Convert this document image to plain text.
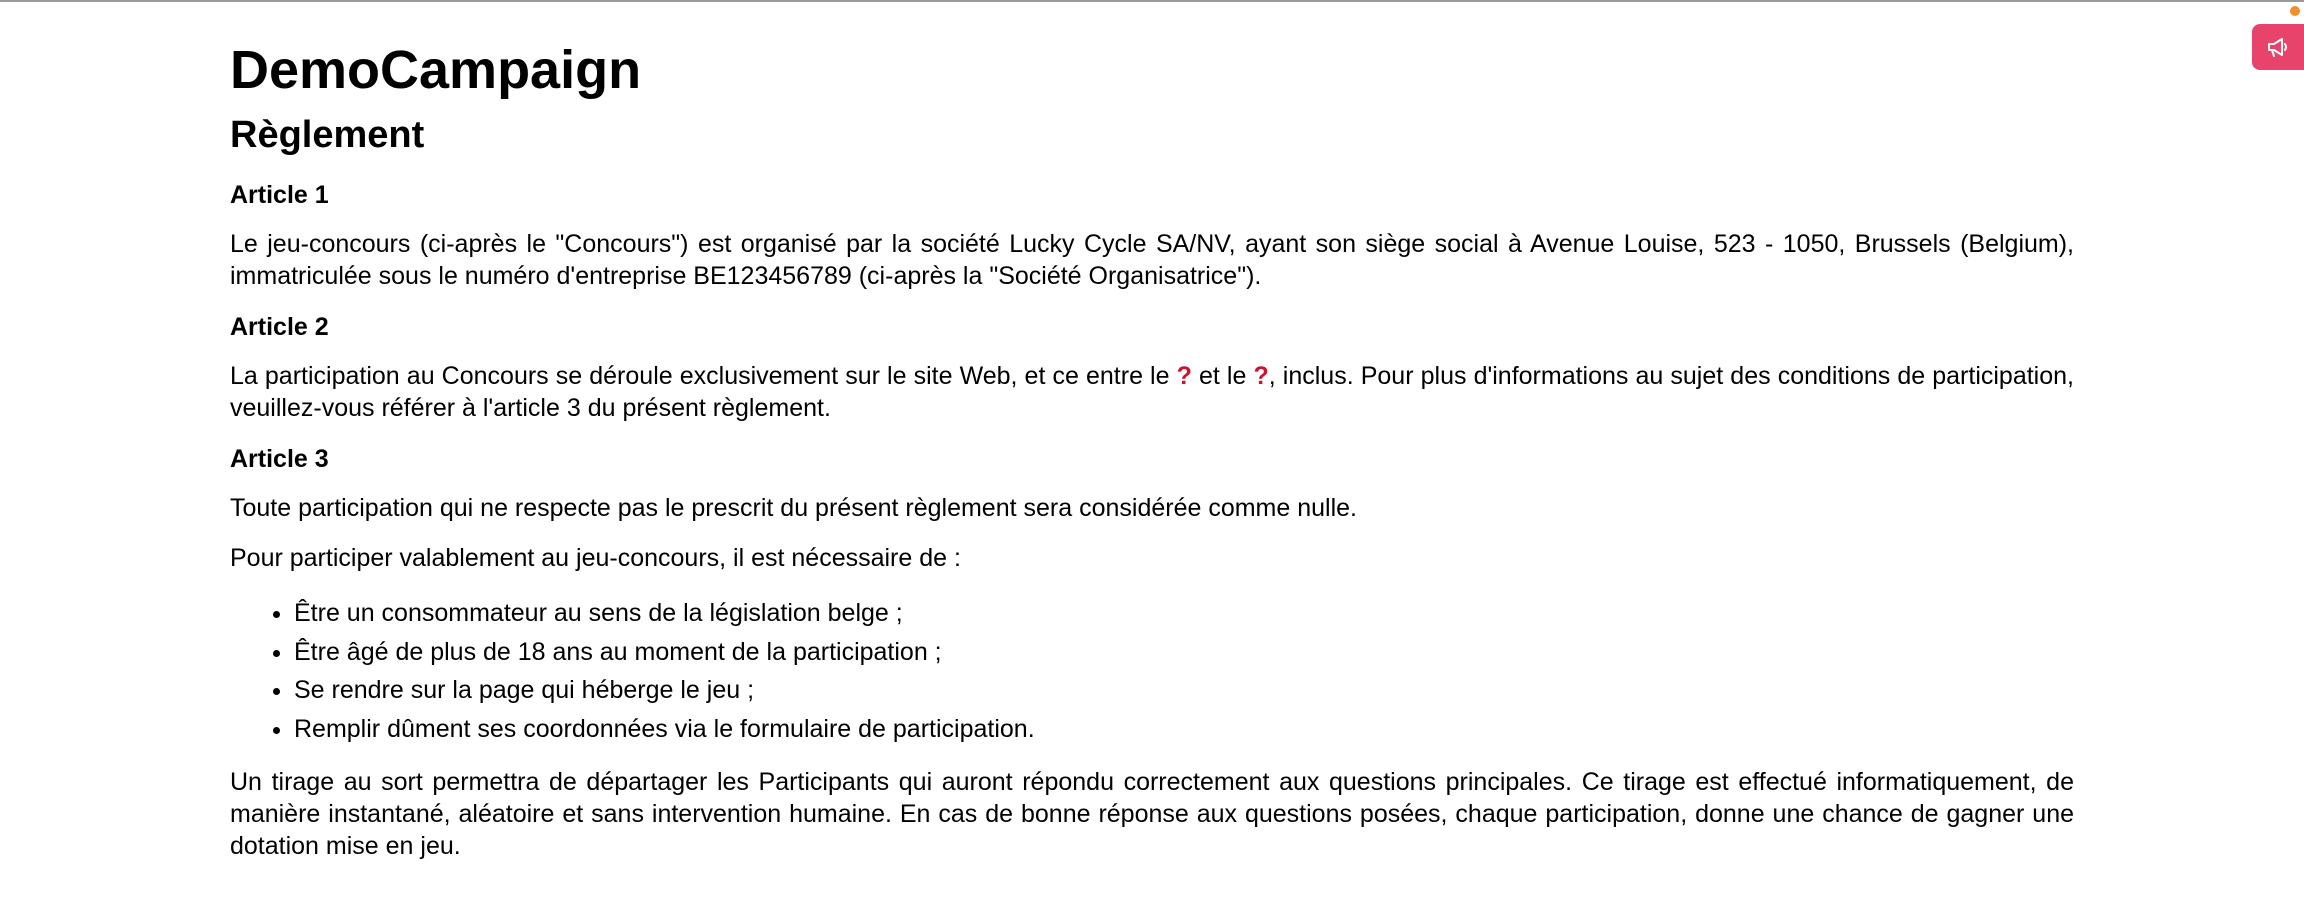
DemoCampaign
Règlement
Article 1

Le jeu-concours (ci-après le "Concours") est organisé par la société Lucky Cycle SA/NV, ayant son siège social à Avenue Louise, 523 - 1050, Brussels (Belgium), immatriculée sous le numéro d'entreprise BE123456789 (ci-après la "Société Organisatrice").

Article 2

La participation au Concours se déroule exclusivement sur le site Web, et ce entre le ? et le ?, inclus. Pour plus d'informations au sujet des conditions de participation, veuillez-vous référer à l'article 3 du présent règlement.

Article 3

Toute participation qui ne respecte pas le prescrit du présent règlement sera considérée comme nulle.

Pour participer valablement au jeu-concours, il est nécessaire de :

• Être un consommateur au sens de la législation belge ;
• Être âgé de plus de 18 ans au moment de la participation ;
• Se rendre sur la page qui héberge le jeu ;
• Remplir dûment ses coordonnées via le formulaire de participation.

Un tirage au sort permettra de départager les Participants qui auront répondu correctement aux questions principales. Ce tirage est effectué informatiquement, de manière instantané, aléatoire et sans intervention humaine. En cas de bonne réponse aux questions posées, chaque participation, donne une chance de gagner une dotation mise en jeu.
